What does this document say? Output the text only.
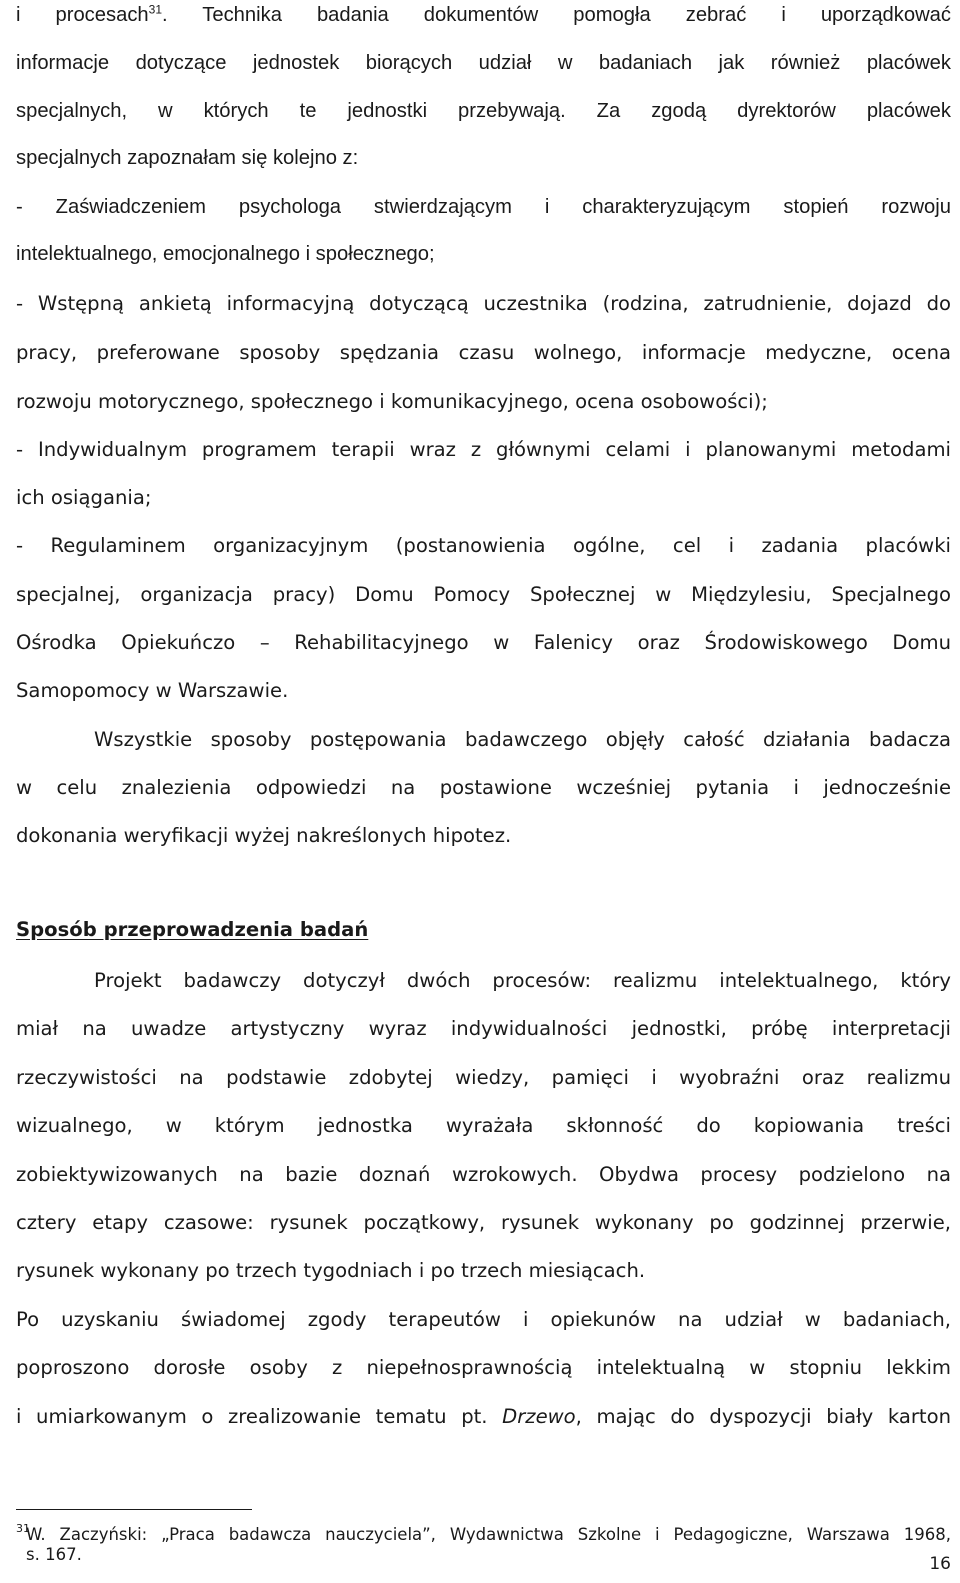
i procesach$^{31}$. Technika badania dokumentów pomogła zebrać i uporządkować
informacje dotyczące jednostek biorących udział w badaniach jak również placówek
specjalnych, w których te jednostki przebywają. Za zgodą dyrektorów placówek
specjalnych zapoznałam się kolejno z:
- Zaświadczeniem psychologa stwierdzającym i charakteryzującym stopień rozwoju
intelektualnego, emocjonalnego i społecznego;
- Wstępną ankietą informacyjną dotyczącą uczestnika (rodzina, zatrudnienie, dojazd do
pracy, preferowane sposoby spędzania czasu wolnego, informacje medyczne, ocena
rozwoju motorycznego, społecznego i komunikacyjnego, ocena osobowości);
- Indywidualnym programem terapii wraz z głównymi celami i planowanymi metodami
ich osiągania;
- Regulaminem organizacyjnym (postanowienia ogólne, cel i zadania placówki
specjalnej, organizacja pracy) Domu Pomocy Społecznej w Międzylesiu, Specjalnego
Ośrodka Opiekuńczo – Rehabilitacyjnego w Falenicy oraz Środowiskowego Domu
Samopomocy w Warszawie.
Wszystkie sposoby postępowania badawczego objęły całość działania badacza
w celu znalezienia odpowiedzi na postawione wcześniej pytania i jednocześnie
dokonania weryfikacji wyżej nakreślonych hipotez.
Sposób przeprowadzenia badań
Projekt badawczy dotyczył dwóch procesów: realizmu intelektualnego, który
miał na uwadze artystyczny wyraz indywidualności jednostki, próbę interpretacji
rzeczywistości na podstawie zdobytej wiedzy, pamięci i wyobraźni oraz realizmu
wizualnego, w którym jednostka wyrażała skłonność do kopiowania treści
zobiektywizowanych na bazie doznań wzrokowych. Obydwa procesy podzielono na
cztery etapy czasowe: rysunek początkowy, rysunek wykonany po godzinnej przerwie,
rysunek wykonany po trzech tygodniach i po trzech miesiącach.
Po uzyskaniu świadomej zgody terapeutów i opiekunów na udział w badaniach,
poproszono dorosłe osoby z niepełnosprawnością intelektualną w stopniu lekkim
i umiarkowanym o zrealizowanie tematu pt. Drzewo, mając do dyspozycji biały karton
31
W. Zaczyński: „Praca badawcza nauczyciela”, Wydawnictwa Szkolne i Pedagogiczne, Warszawa 1968,
s. 167.	16
